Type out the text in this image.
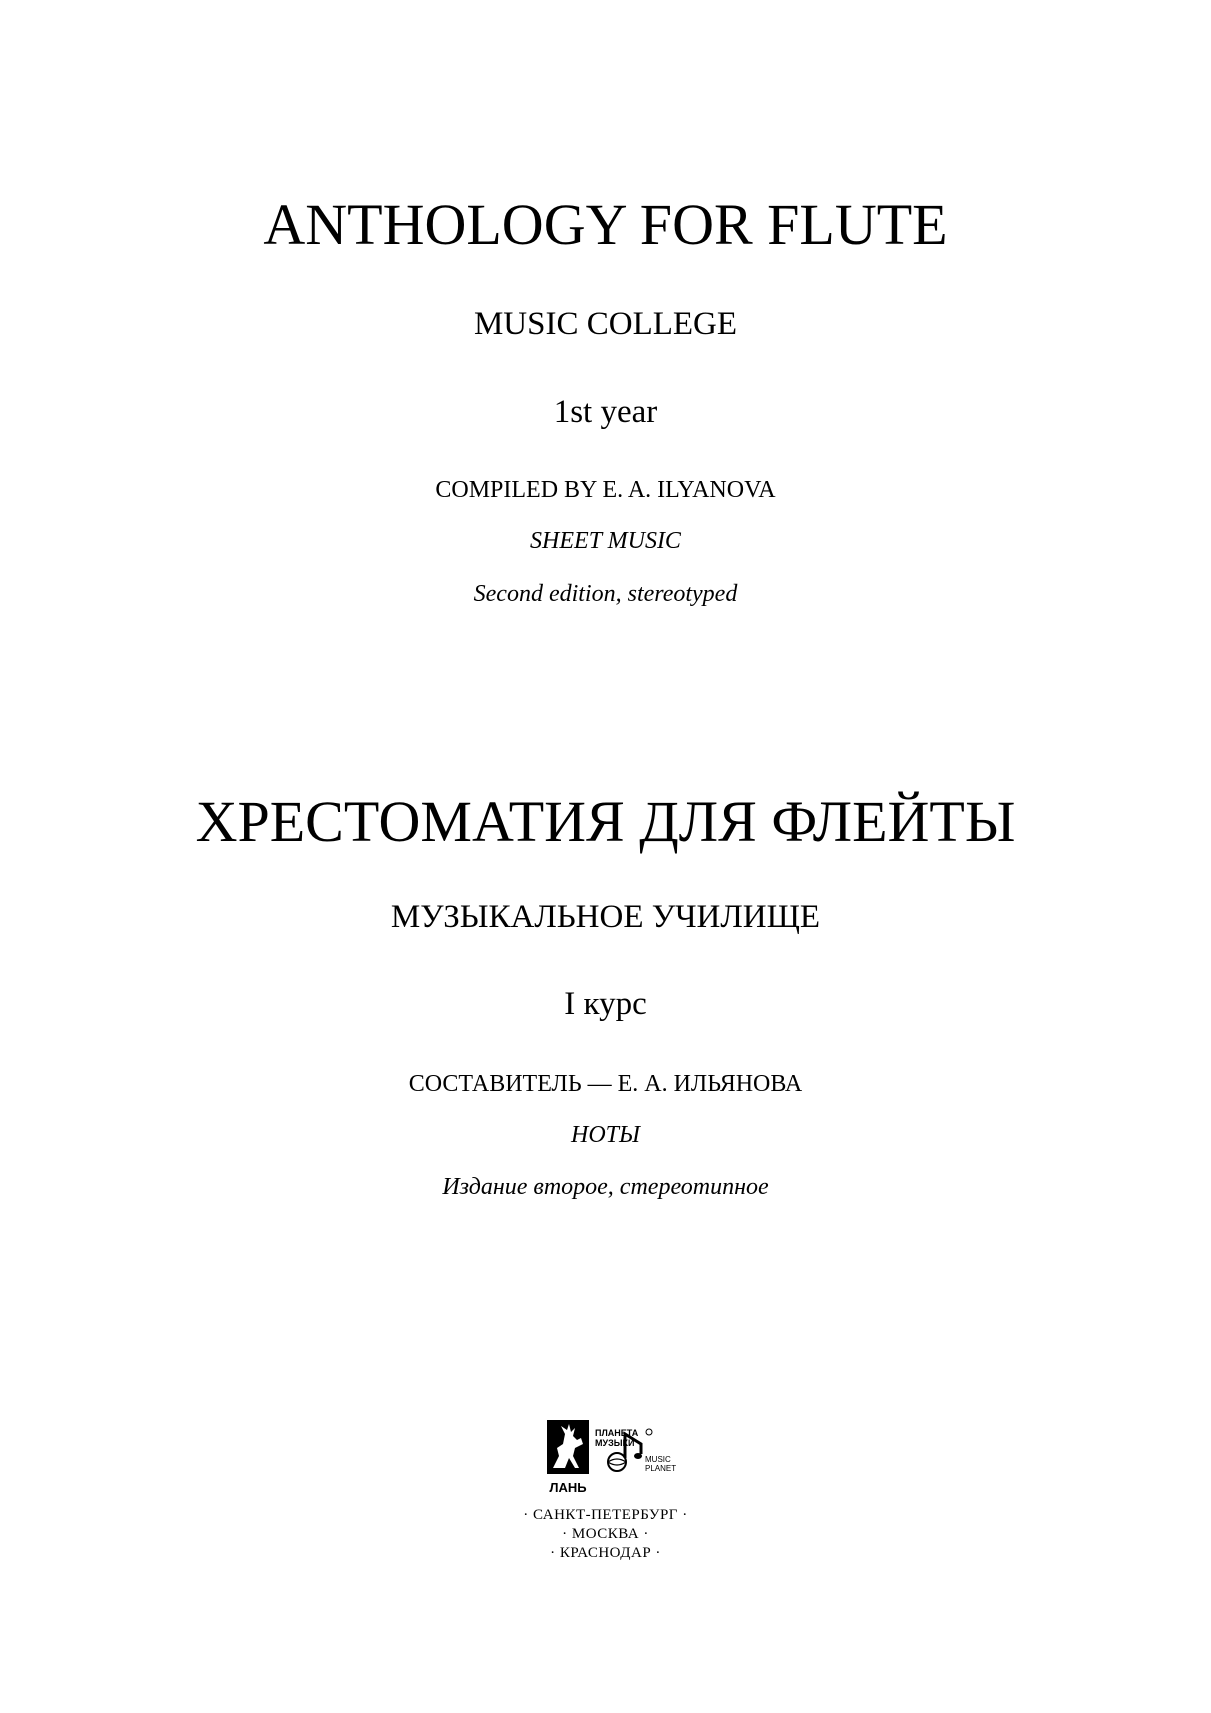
ANTHOLOGY FOR FLUTE
MUSIC COLLEGE
1st year
COMPILED BY E. A. ILYANOVA
SHEET MUSIC
Second edition, stereotyped
ХРЕСТОМАТИЯ ДЛЯ ФЛЕЙТЫ
МУЗЫКАЛЬНОЕ УЧИЛИЩЕ
I курс
СОСТАВИТЕЛЬ — Е. А. ИЛЬЯНОВА
НОТЫ
Издание второе, стереотипное
ЛАНЬ
ПЛАНЕТА
МУЗЫКИ
MUSIC
PLANET
· САНКТ-ПЕТЕРБУРГ ·
· МОСКВА ·
· КРАСНОДАР ·
